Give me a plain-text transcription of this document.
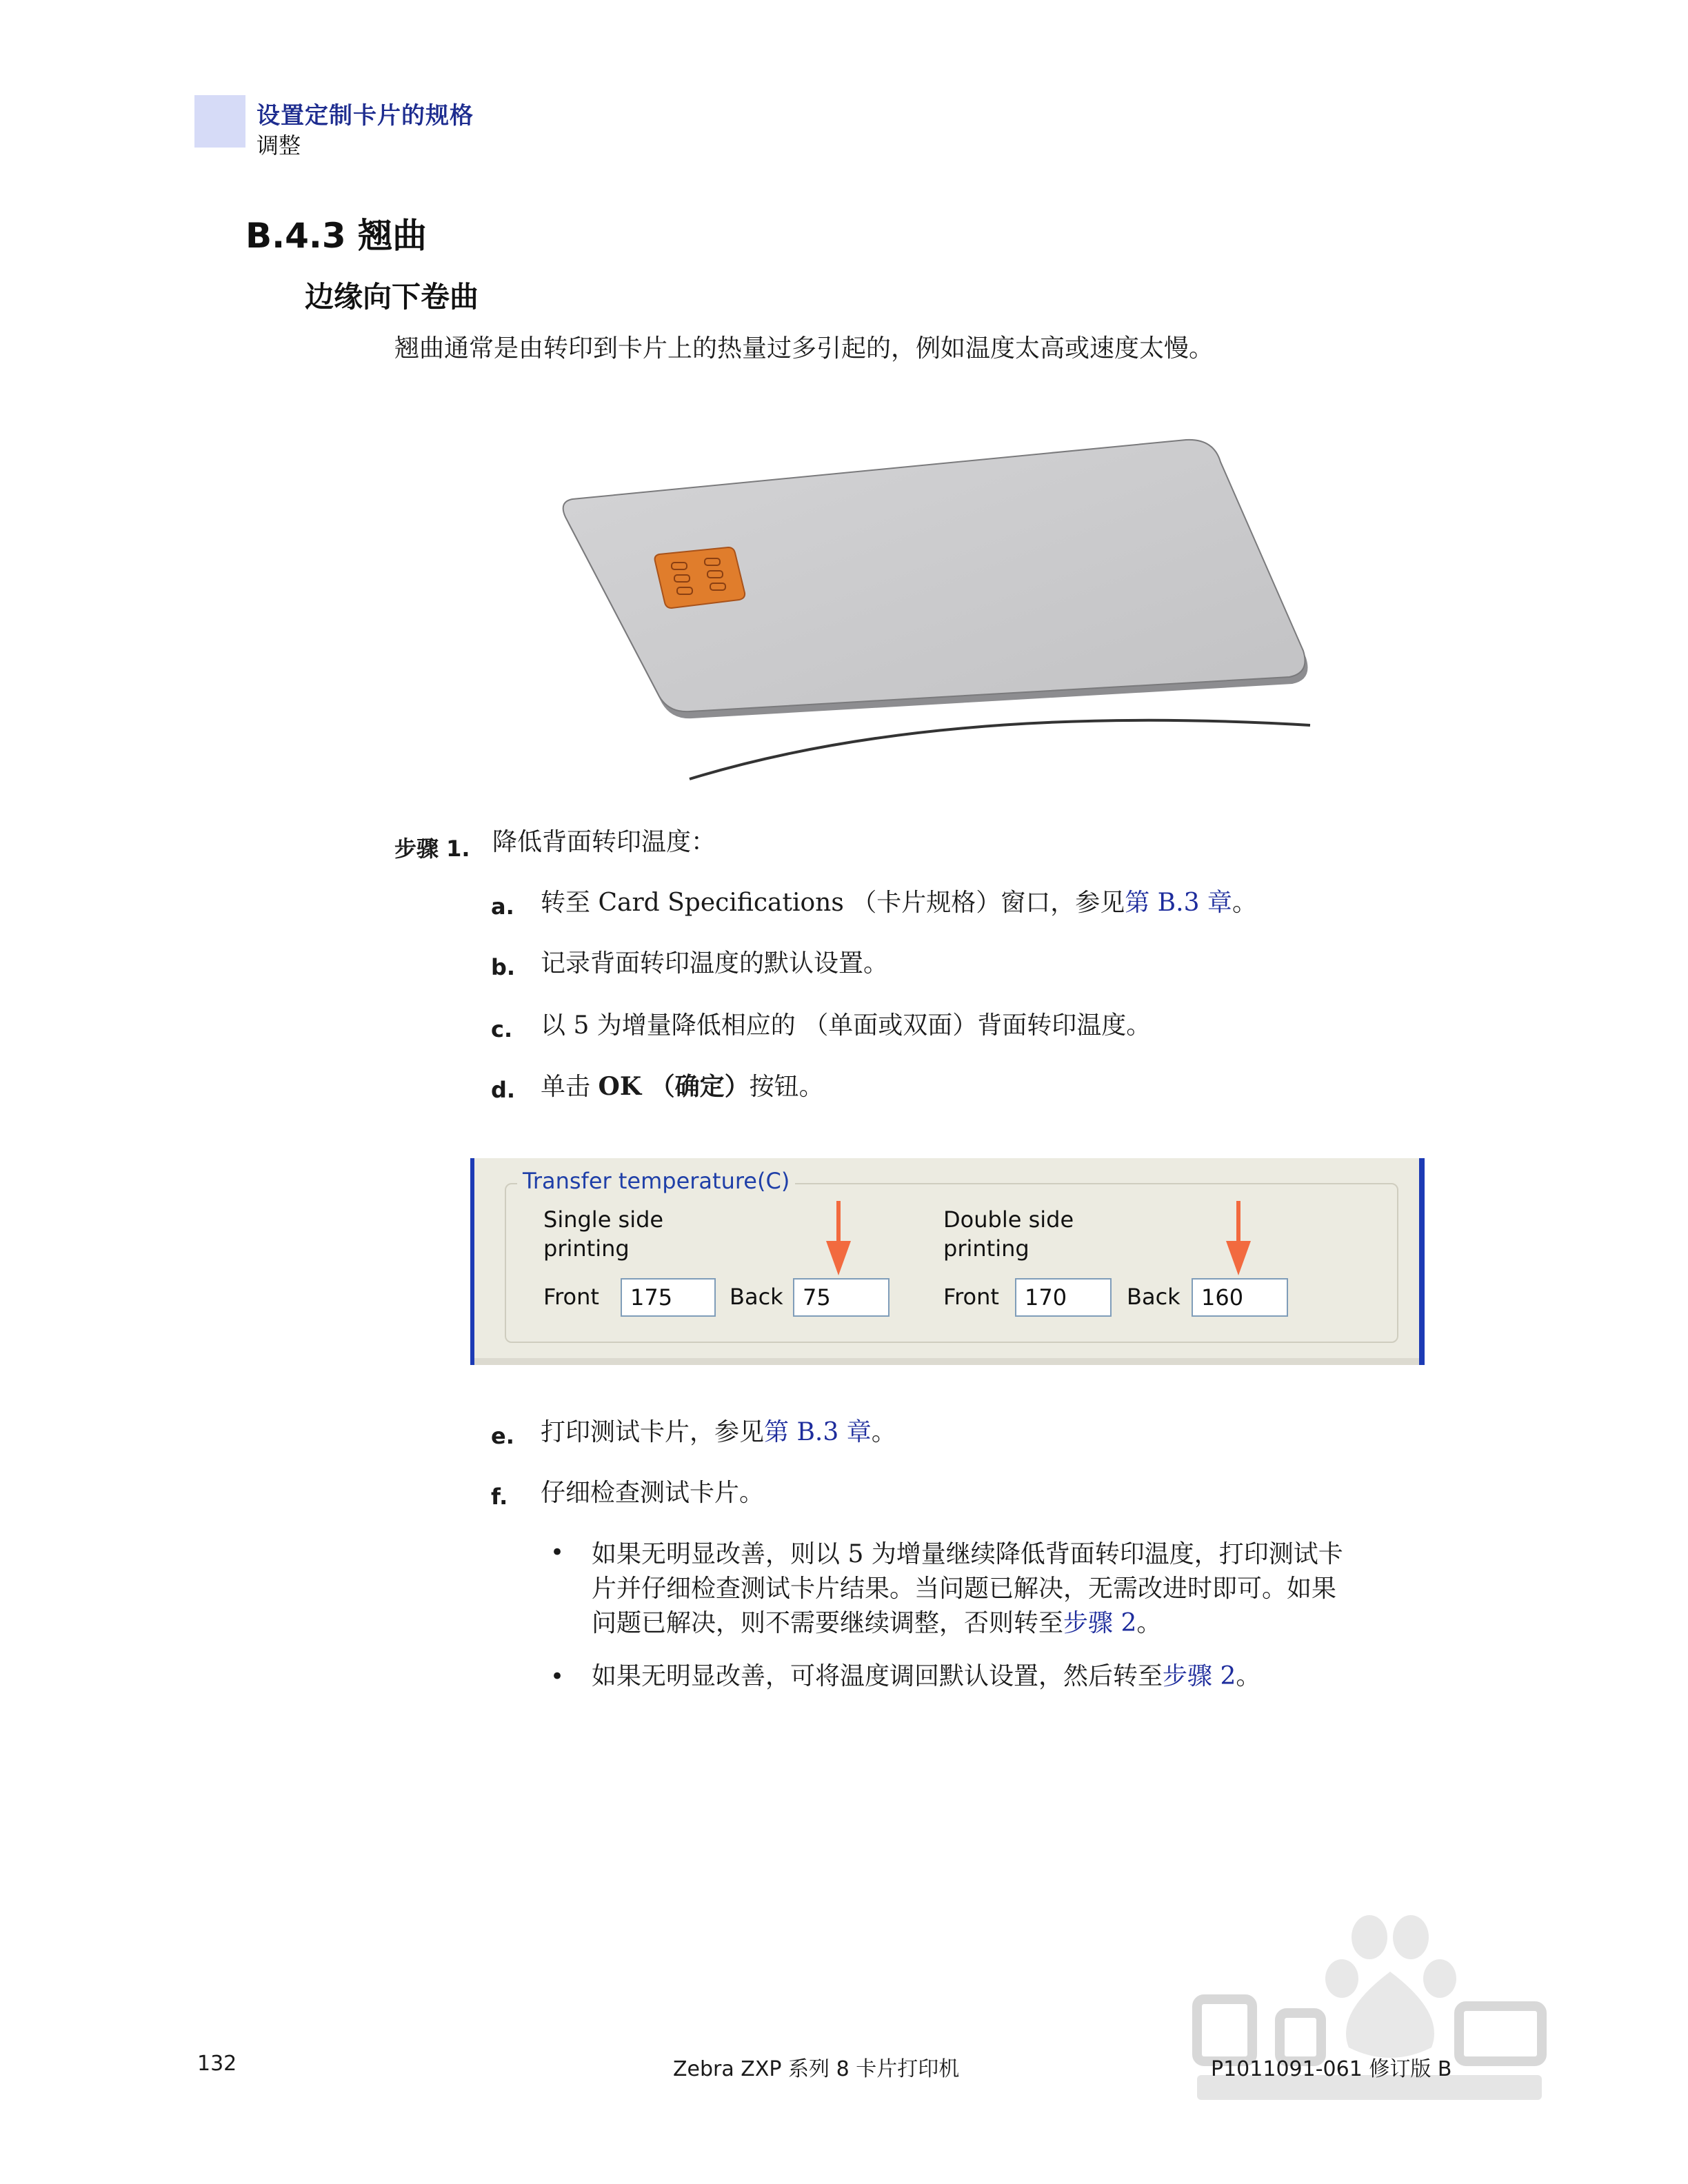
设置定制卡片的规格
调整
B.4.3 翘曲
边缘向下卷曲
翘曲通常是由转印到卡片上的热量过多引起的，例如温度太高或速度太慢。
步骤 1. 降低背面转印温度：
a. 转至 Card Specifications （卡片规格）窗口，参见第 B.3 章。
b. 记录背面转印温度的默认设置。
c. 以 5 为增量降低相应的 （单面或双面）背面转印温度。
d. 单击 OK （确定）按钮。
Transfer temperature(C)
Single side
printing
Front	175	Back 75
Double side
printing
Front	170	Back 160
e. 打印测试卡片，参见第 B.3 章。
f. 仔细检查测试卡片。
• 如果无明显改善，则以 5 为增量继续降低背面转印温度，打印测试卡
片并仔细检查测试卡片结果。当问题已解决，无需改进时即可。如果
问题已解决，则不需要继续调整，否则转至步骤 2。
• 如果无明显改善，可将温度调回默认设置，然后转至步骤 2。
132	Zebra ZXP 系列 8 卡片打印机	P1011091-061 修订版 B
